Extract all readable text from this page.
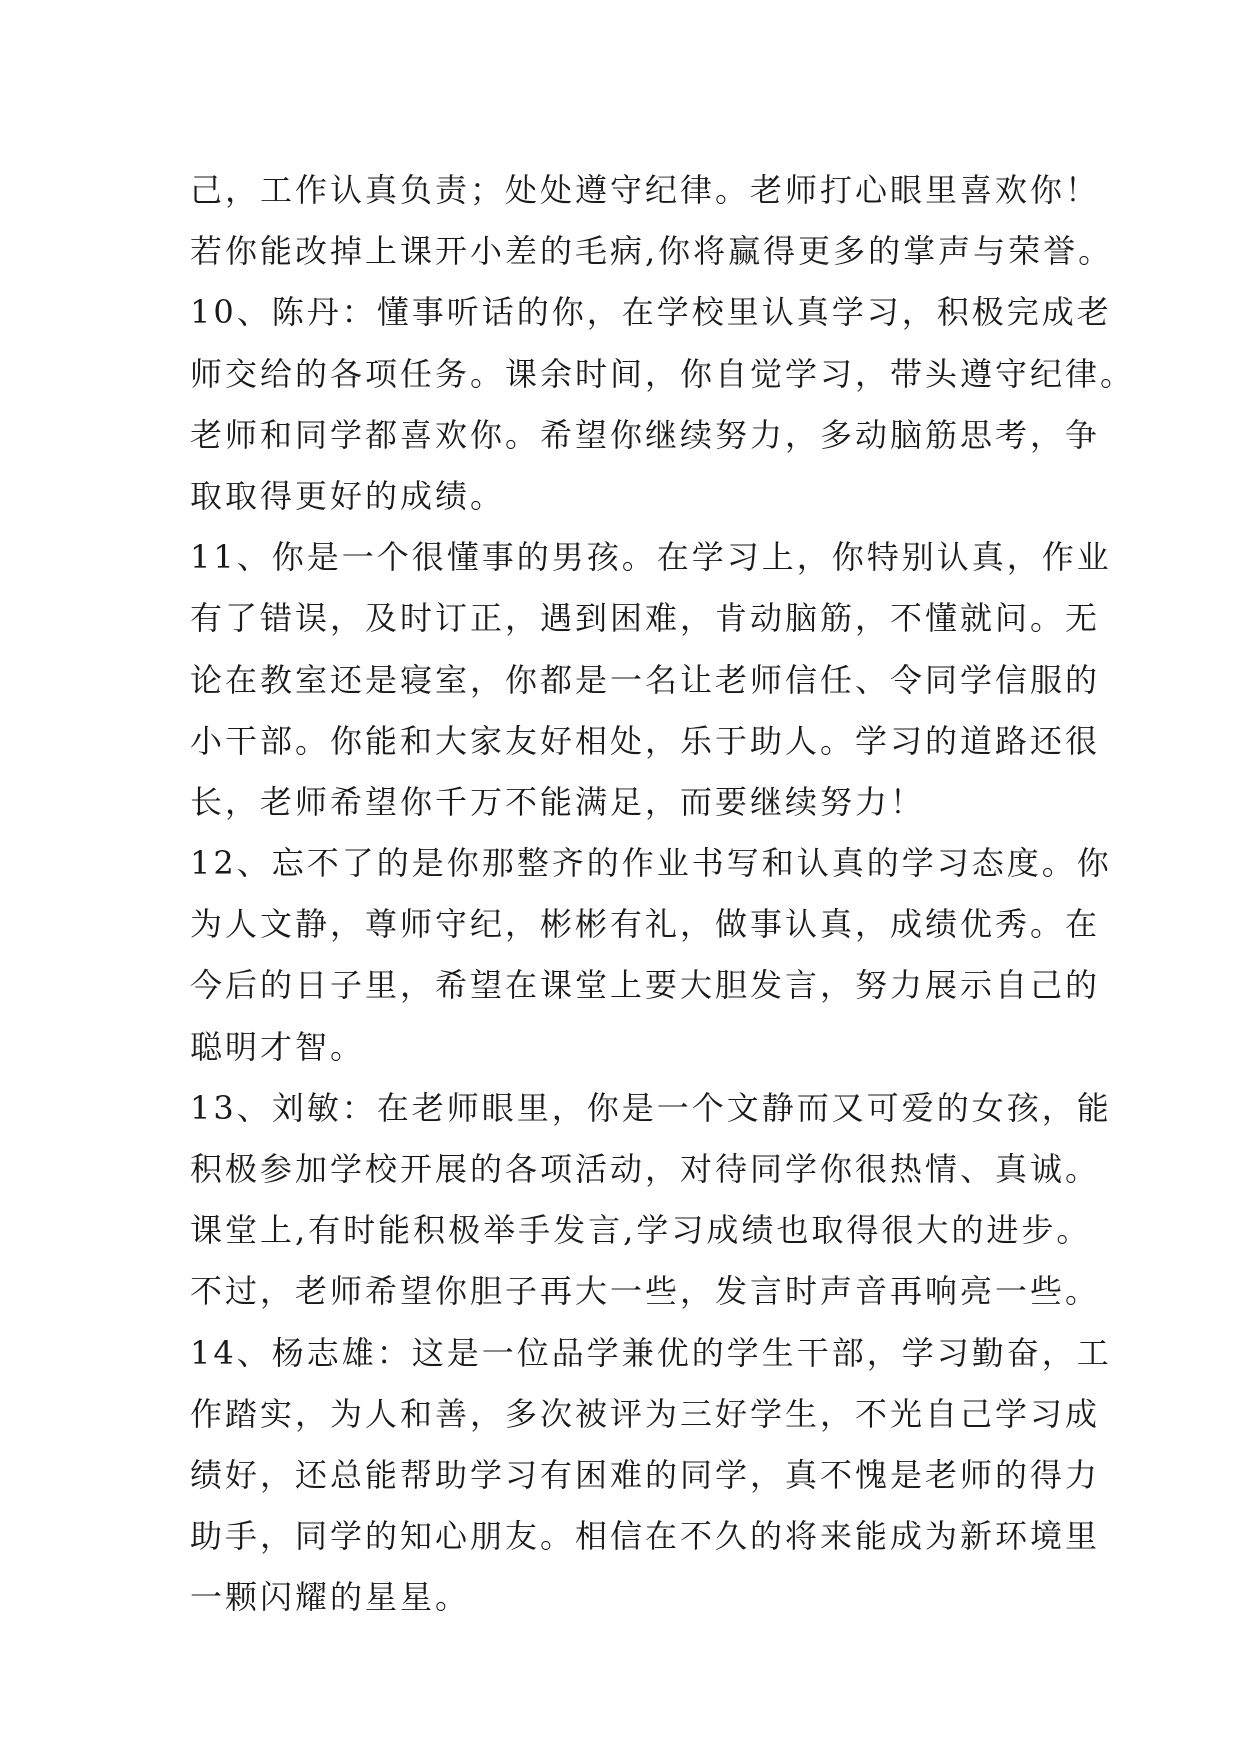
己，工作认真负责；处处遵守纪律。老师打心眼里喜欢你！
若你能改掉上课开小差的毛病,你将赢得更多的掌声与荣誉。
10、陈丹：懂事听话的你，在学校里认真学习，积极完成老
师交给的各项任务。课余时间，你自觉学习，带头遵守纪律。
老师和同学都喜欢你。希望你继续努力，多动脑筋思考，争
取取得更好的成绩。
11、你是一个很懂事的男孩。在学习上，你特别认真，作业
有了错误，及时订正，遇到困难，肯动脑筋，不懂就问。无
论在教室还是寝室，你都是一名让老师信任、令同学信服的
小干部。你能和大家友好相处，乐于助人。学习的道路还很
长，老师希望你千万不能满足，而要继续努力！
12、忘不了的是你那整齐的作业书写和认真的学习态度。你
为人文静，尊师守纪，彬彬有礼，做事认真，成绩优秀。在
今后的日子里，希望在课堂上要大胆发言，努力展示自己的
聪明才智。
13、刘敏：在老师眼里，你是一个文静而又可爱的女孩，能
积极参加学校开展的各项活动，对待同学你很热情、真诚。
课堂上,有时能积极举手发言,学习成绩也取得很大的进步。
不过，老师希望你胆子再大一些，发言时声音再响亮一些。
14、杨志雄：这是一位品学兼优的学生干部，学习勤奋，工
作踏实，为人和善，多次被评为三好学生，不光自己学习成
绩好，还总能帮助学习有困难的同学，真不愧是老师的得力
助手，同学的知心朋友。相信在不久的将来能成为新环境里
一颗闪耀的星星。
